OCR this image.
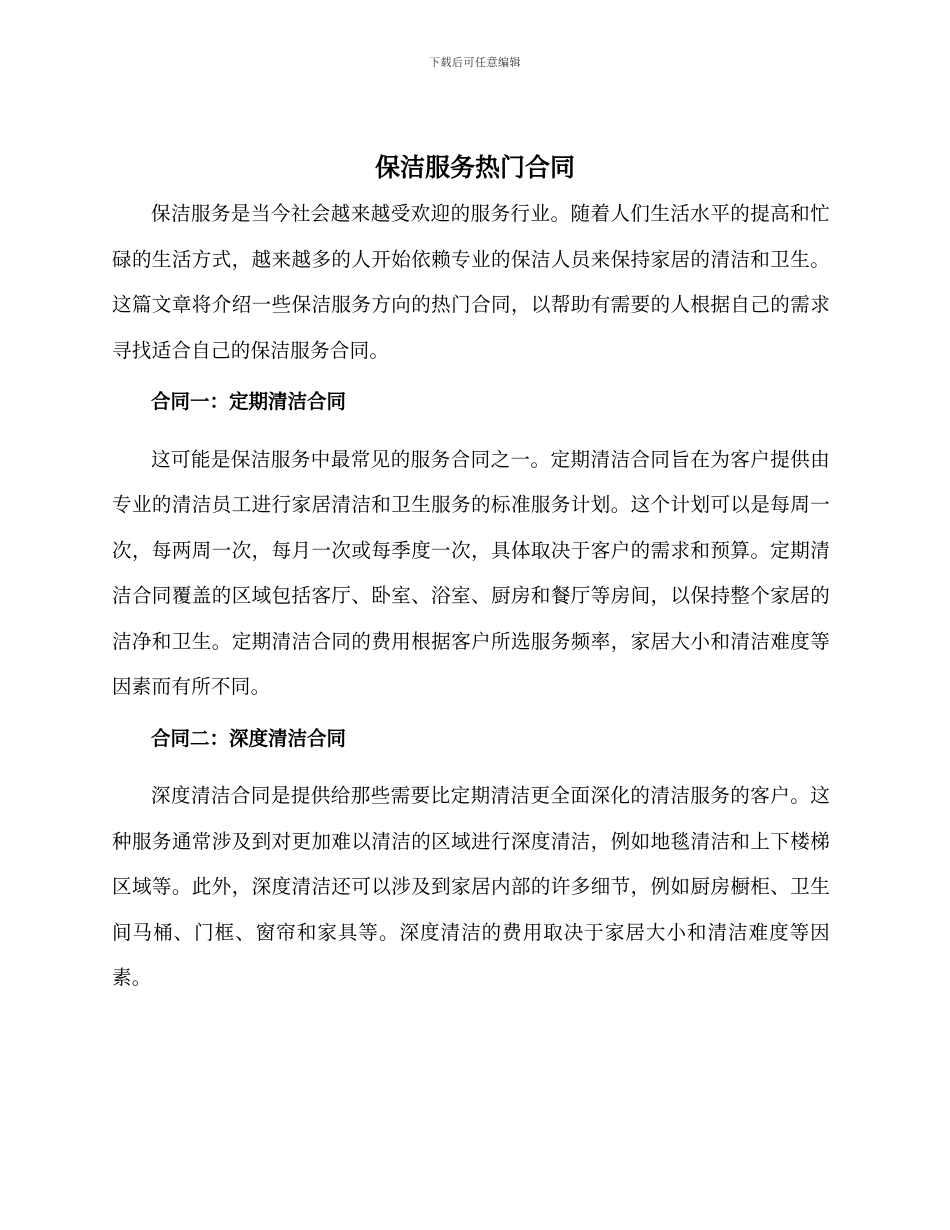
下载后可任意编辑
保洁服务热门合同

保洁服务是当今社会越来越受欢迎的服务行业。随着人们生活水平的提高和忙碌的生活方式，越来越多的人开始依赖专业的保洁人员来保持家居的清洁和卫生。这篇文章将介绍一些保洁服务方向的热门合同，以帮助有需要的人根据自己的需求寻找适合自己的保洁服务合同。

合同一：定期清洁合同

这可能是保洁服务中最常见的服务合同之一。定期清洁合同旨在为客户提供由专业的清洁员工进行家居清洁和卫生服务的标准服务计划。这个计划可以是每周一次，每两周一次，每月一次或每季度一次，具体取决于客户的需求和预算。定期清洁合同覆盖的区域包括客厅、卧室、浴室、厨房和餐厅等房间，以保持整个家居的洁净和卫生。定期清洁合同的费用根据客户所选服务频率，家居大小和清洁难度等因素而有所不同。

合同二：深度清洁合同

深度清洁合同是提供给那些需要比定期清洁更全面深化的清洁服务的客户。这种服务通常涉及到对更加难以清洁的区域进行深度清洁，例如地毯清洁和上下楼梯区域等。此外，深度清洁还可以涉及到家居内部的许多细节，例如厨房橱柜、卫生间马桶、门框、窗帘和家具等。深度清洁的费用取决于家居大小和清洁难度等因素。
